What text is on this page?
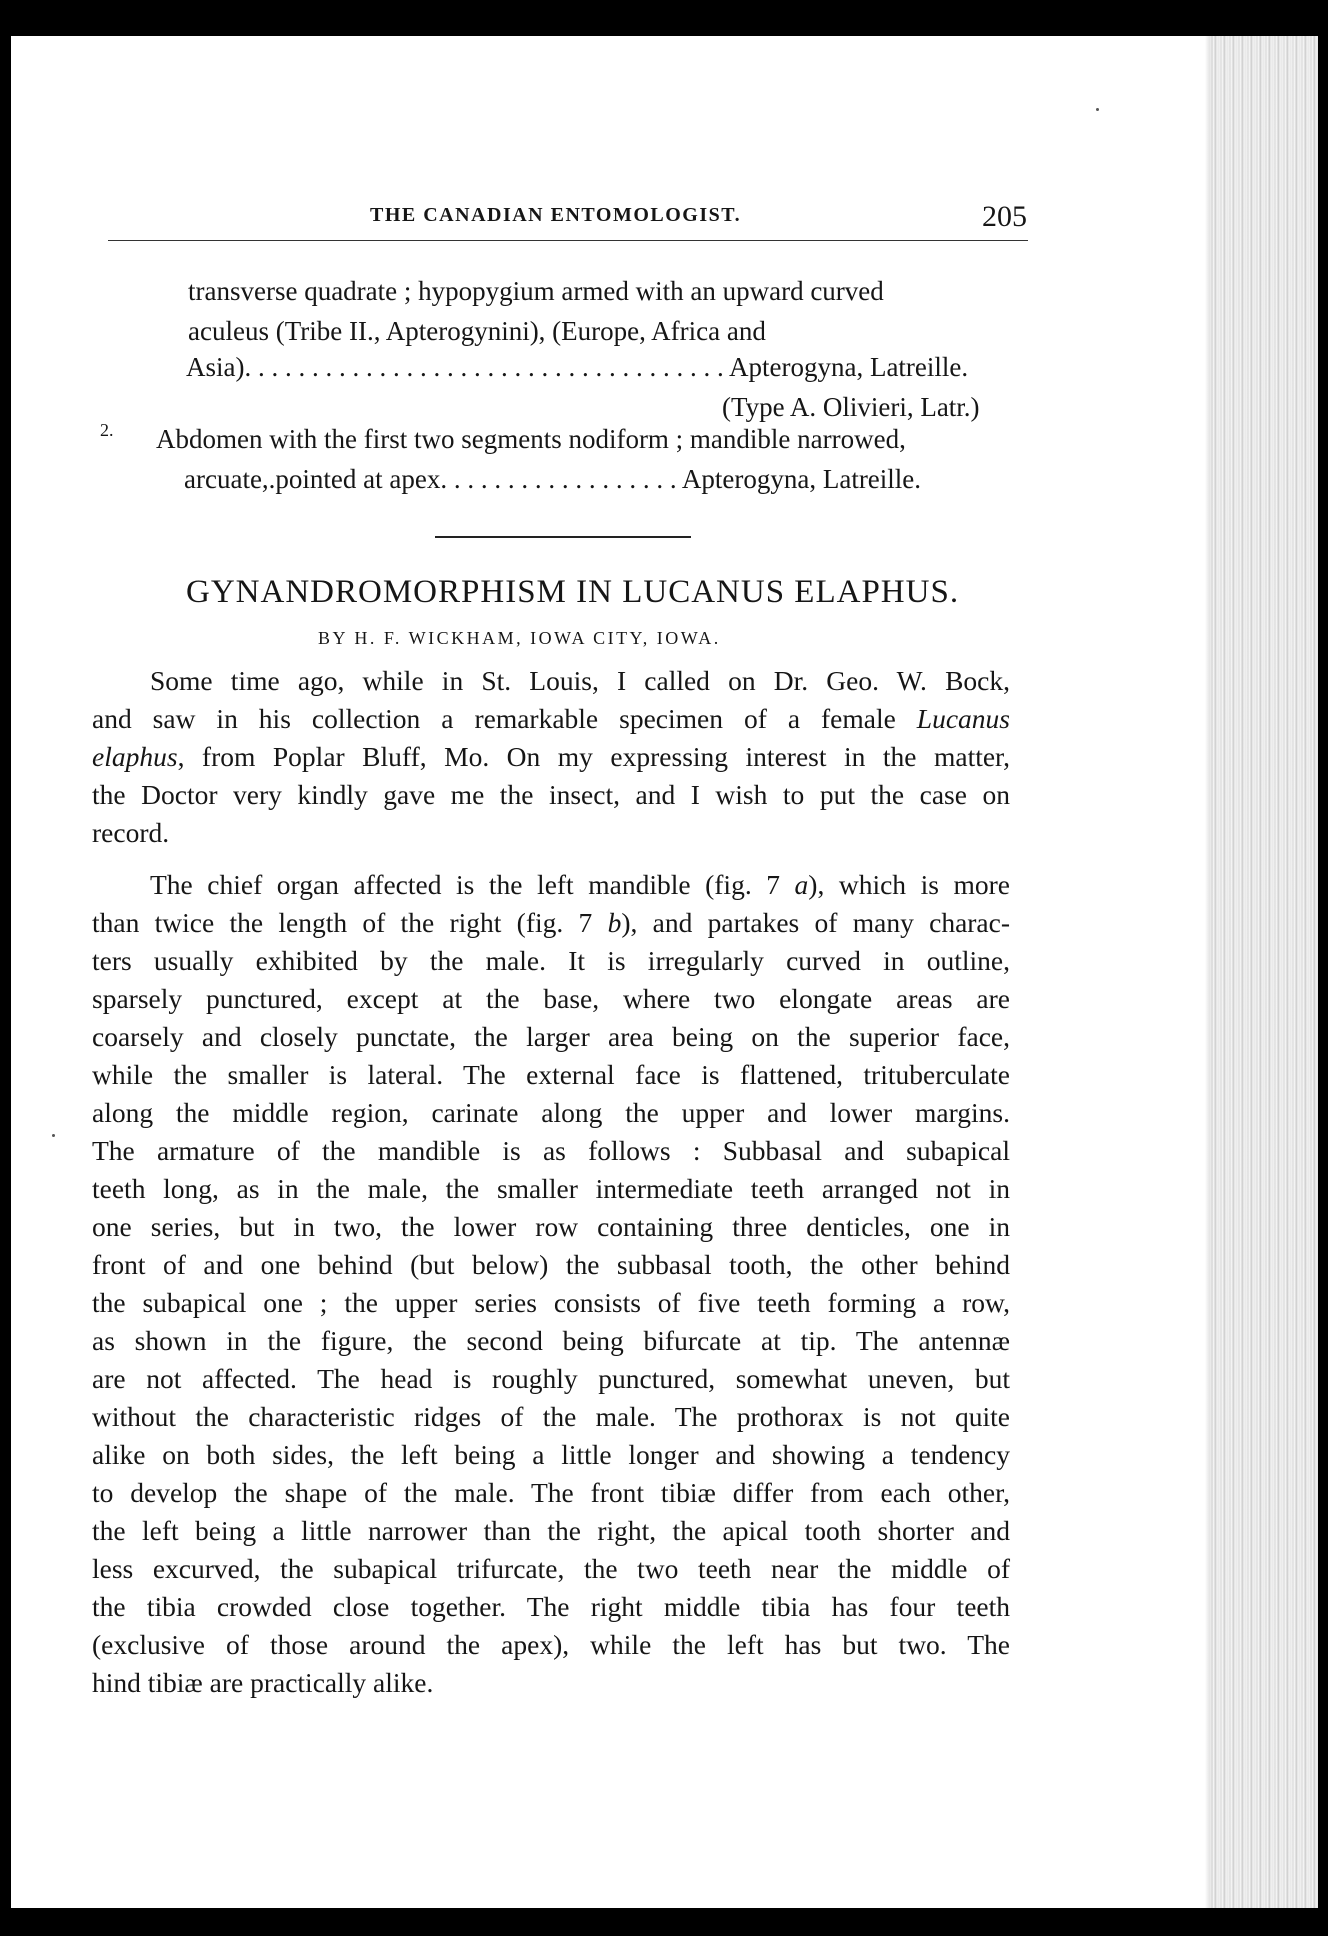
THE CANADIAN ENTOMOLOGIST.	205
transverse quadrate ; hypopygium armed with an upward curved
aculeus (Tribe II., Apterogynini), (Europe, Africa and
Asia). . . . . . . . . . . . . . . . . . . . . . . . . . . . . . . . . . . . Apterogyna, Latreille.
(Type A. Olivieri, Latr.)
2. Abdomen with the first two segments nodiform ; mandible narrowed,
arcuate,.pointed at apex. . . . . . . . . . . . . . . . . . Apterogyna, Latreille.
GYNANDROMORPHISM IN LUCANUS ELAPHUS.
BY H. F. WICKHAM, IOWA CITY, IOWA.
Some time ago, while in St. Louis, I called on Dr. Geo. W. Bock,
and saw in his collection a remarkable specimen of a female Lucanus
elaphus, from Poplar Bluff, Mo. On my expressing interest in the matter,
the Doctor very kindly gave me the insect, and I wish to put the case on
record.
The chief organ affected is the left mandible (fig. 7 a), which is more
than twice the length of the right (fig. 7 b), and partakes of many charac-
ters usually exhibited by the male. It is irregularly curved in outline,
sparsely punctured, except at the base, where two elongate areas are
coarsely and closely punctate, the larger area being on the superior face,
while the smaller is lateral. The external face is flattened, trituberculate
along the middle region, carinate along the upper and lower margins.
The armature of the mandible is as follows : Subbasal and subapical
teeth long, as in the male, the smaller intermediate teeth arranged not in
one series, but in two, the lower row containing three denticles, one in
front of and one behind (but below) the subbasal tooth, the other behind
the subapical one ; the upper series consists of five teeth forming a row,
as shown in the figure, the second being bifurcate at tip. The antennæ
are not affected. The head is roughly punctured, somewhat uneven, but
without the characteristic ridges of the male. The prothorax is not quite
alike on both sides, the left being a little longer and showing a tendency
to develop the shape of the male. The front tibiæ differ from each other,
the left being a little narrower than the right, the apical tooth shorter and
less excurved, the subapical trifurcate, the two teeth near the middle of
the tibia crowded close together. The right middle tibia has four teeth
(exclusive of those around the apex), while the left has but two. The
hind tibiæ are practically alike.
